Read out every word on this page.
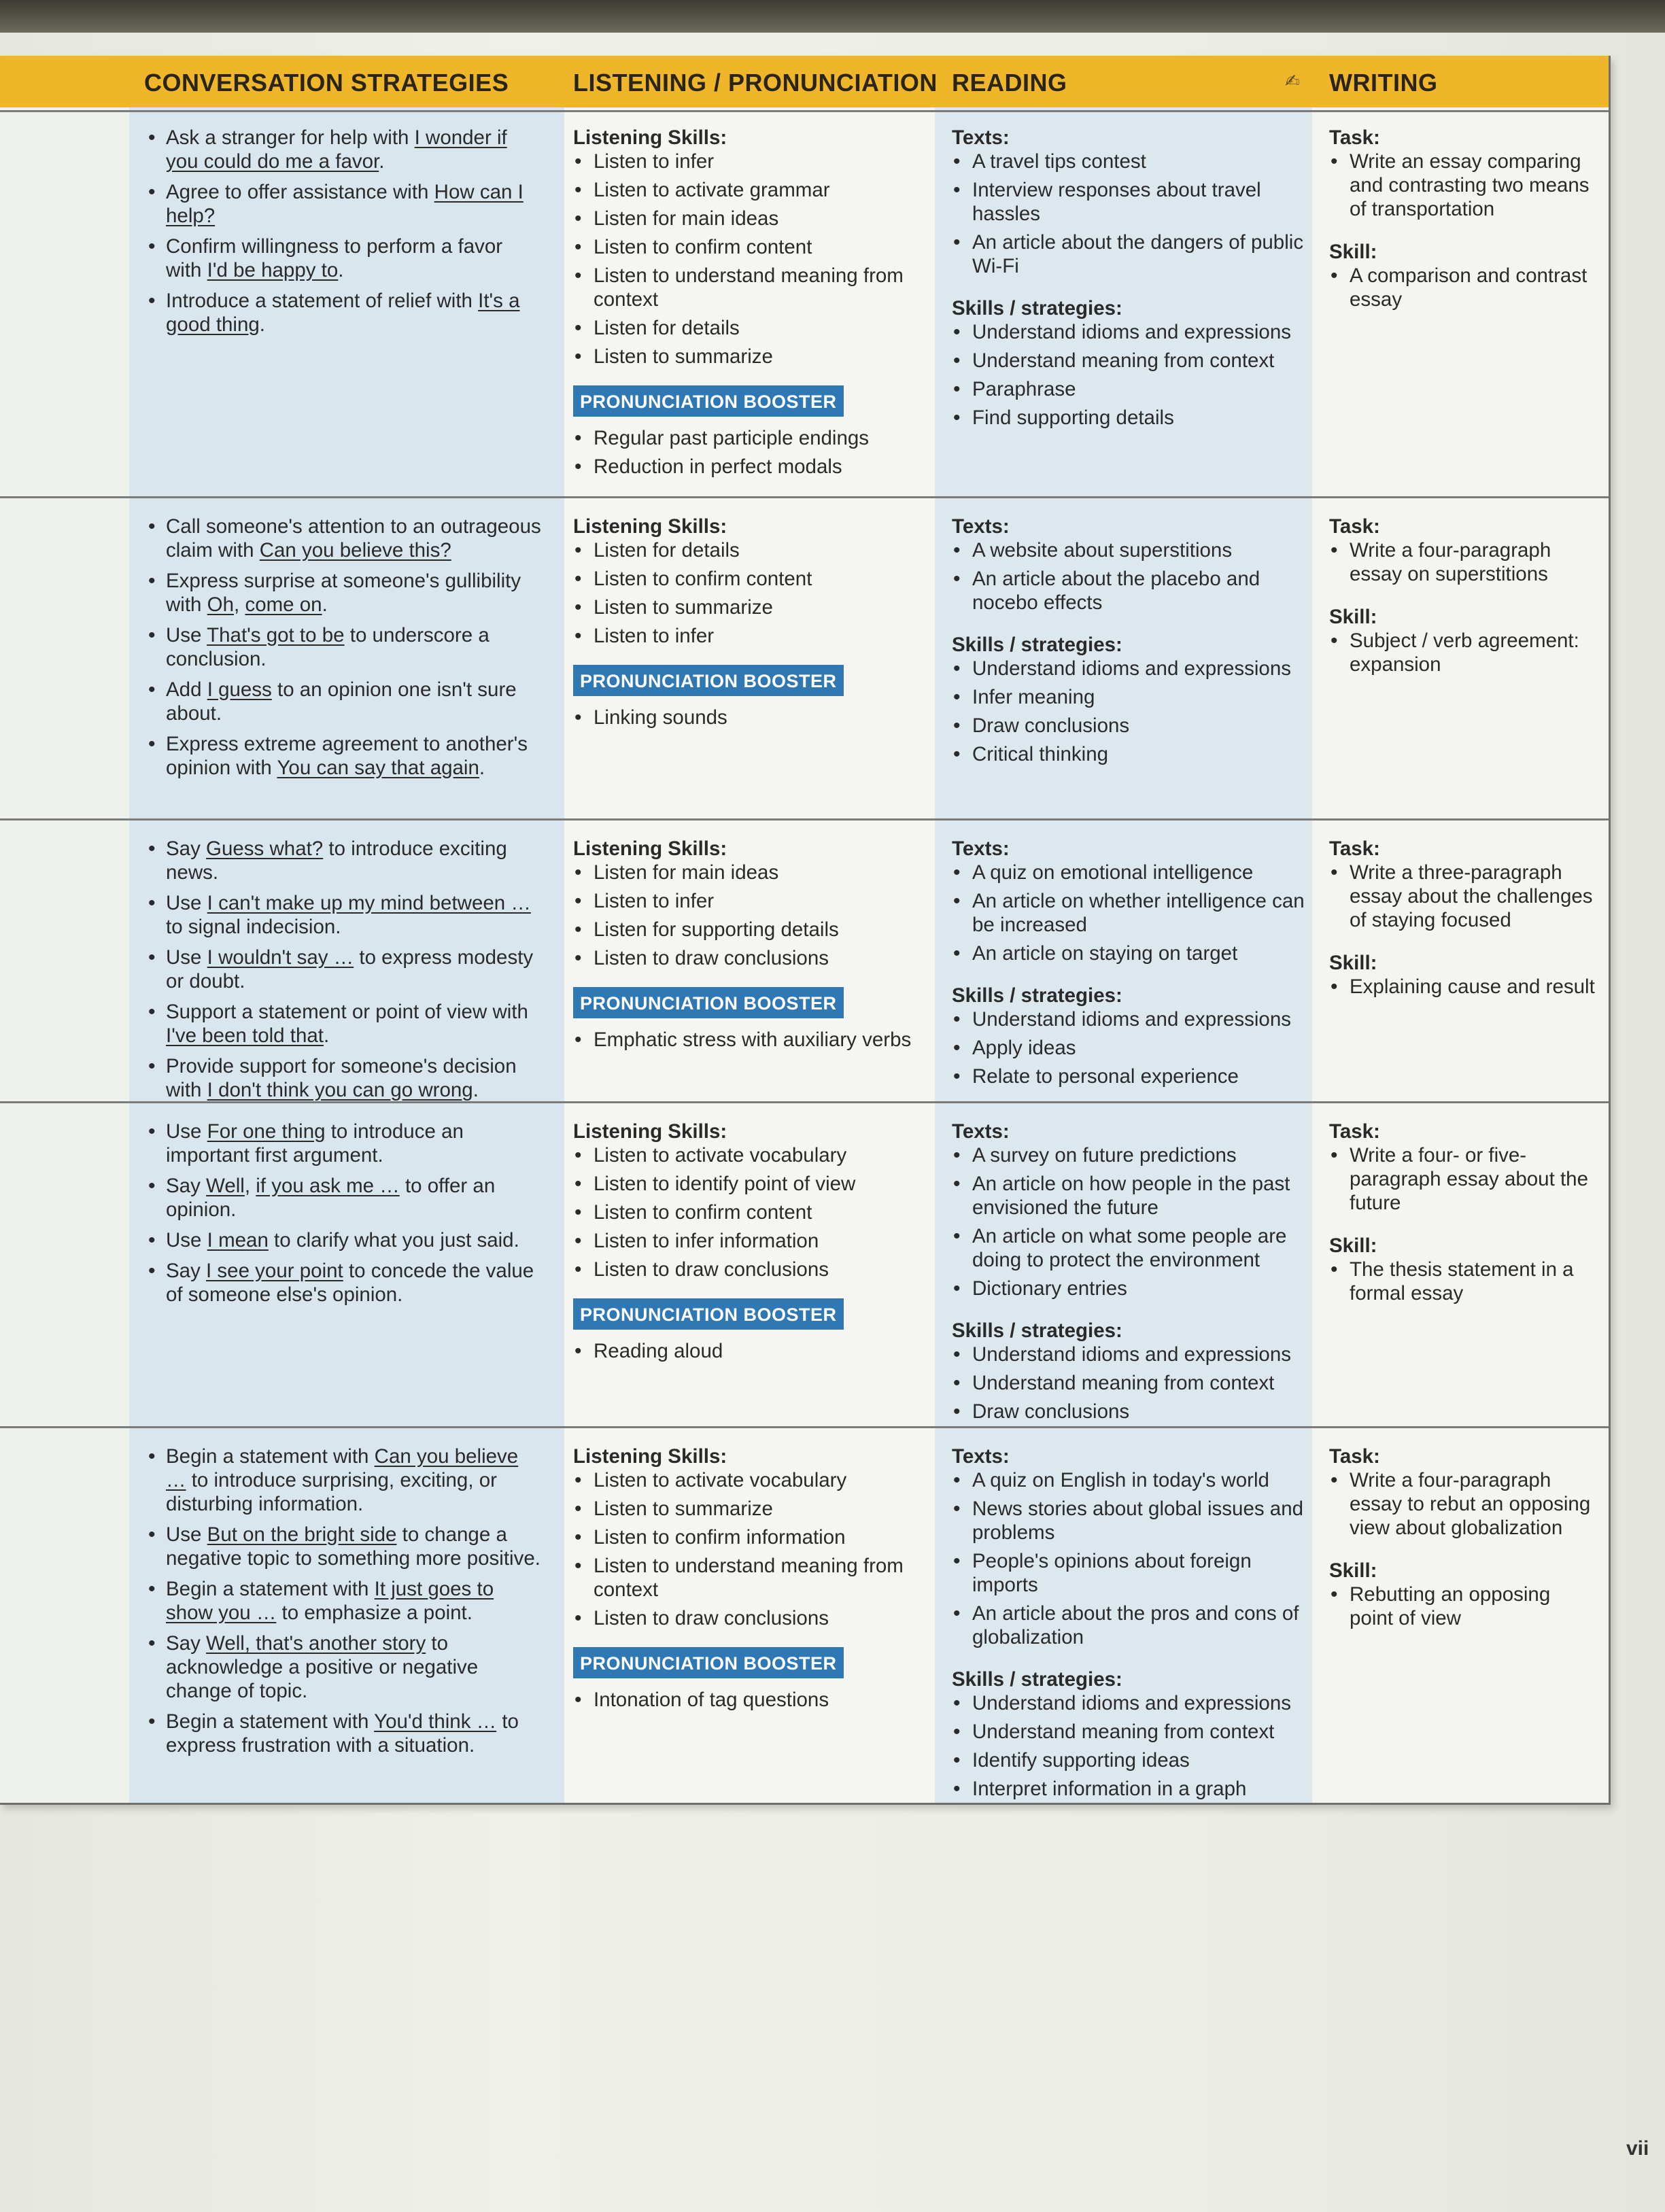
vii
CONVERSATION STRATEGIES	LISTENING / PRONUNCIATION READING	✍ WRITING
• Ask a stranger for help with I wonder if you could do me a favor.
• Agree to offer assistance with How can I help?
• Confirm willingness to perform a favor with I'd be happy to.
• Introduce a statement of relief with It's a good thing.
Listening Skills:
• Listen to infer
• Listen to activate grammar
• Listen for main ideas
• Listen to confirm content
• Listen to understand meaning from context
• Listen for details
• Listen to summarize
PRONUNCIATION BOOSTER
• Regular past participle endings
• Reduction in perfect modals
Texts:
• A travel tips contest
• Interview responses about travel hassles
• An article about the dangers of public Wi-Fi
Skills / strategies:
• Understand idioms and expressions
• Understand meaning from context
• Paraphrase
• Find supporting details
Task:
• Write an essay comparing and contrasting two means of transportation
Skill:
• A comparison and contrast essay
• Call someone's attention to an outrageous claim with Can you believe this?
• Express surprise at someone's gullibility with Oh, come on.
• Use That's got to be to underscore a conclusion.
• Add I guess to an opinion one isn't sure about.
• Express extreme agreement to another's opinion with You can say that again.
Listening Skills:
• Listen for details
• Listen to confirm content
• Listen to summarize
• Listen to infer
PRONUNCIATION BOOSTER
• Linking sounds
Texts:
• A website about superstitions
• An article about the placebo and nocebo effects
Skills / strategies:
• Understand idioms and expressions
• Infer meaning
• Draw conclusions
• Critical thinking
Task:
• Write a four-paragraph essay on superstitions
Skill:
• Subject / verb agreement: expansion
• Say Guess what? to introduce exciting news.
• Use I can't make up my mind between … to signal indecision.
• Use I wouldn't say … to express modesty or doubt.
• Support a statement or point of view with I've been told that.
• Provide support for someone's decision with I don't think you can go wrong.
Listening Skills:
• Listen for main ideas
• Listen to infer
• Listen for supporting details
• Listen to draw conclusions
PRONUNCIATION BOOSTER
• Emphatic stress with auxiliary verbs
Texts:
• A quiz on emotional intelligence
• An article on whether intelligence can be increased
• An article on staying on target
Skills / strategies:
• Understand idioms and expressions
• Apply ideas
• Relate to personal experience
Task:
• Write a three-paragraph essay about the challenges of staying focused
Skill:
• Explaining cause and result
• Use For one thing to introduce an important first argument.
• Say Well, if you ask me … to offer an opinion.
• Use I mean to clarify what you just said.
• Say I see your point to concede the value of someone else's opinion.
Listening Skills:
• Listen to activate vocabulary
• Listen to identify point of view
• Listen to confirm content
• Listen to infer information
• Listen to draw conclusions
PRONUNCIATION BOOSTER
• Reading aloud
Texts:
• A survey on future predictions
• An article on how people in the past envisioned the future
• An article on what some people are doing to protect the environment
• Dictionary entries
Skills / strategies:
• Understand idioms and expressions
• Understand meaning from context
• Draw conclusions
Task:
• Write a four- or five-paragraph essay about the future
Skill:
• The thesis statement in a formal essay
• Begin a statement with Can you believe … to introduce surprising, exciting, or disturbing information.
• Use But on the bright side to change a negative topic to something more positive.
• Begin a statement with It just goes to show you … to emphasize a point.
• Say Well, that's another story to acknowledge a positive or negative change of topic.
• Begin a statement with You'd think … to express frustration with a situation.
Listening Skills:
• Listen to activate vocabulary
• Listen to summarize
• Listen to confirm information
• Listen to understand meaning from context
• Listen to draw conclusions
PRONUNCIATION BOOSTER
• Intonation of tag questions
Texts:
• A quiz on English in today's world
• News stories about global issues and problems
• People's opinions about foreign imports
• An article about the pros and cons of globalization
Skills / strategies:
• Understand idioms and expressions
• Understand meaning from context
• Identify supporting ideas
• Interpret information in a graph
Task:
• Write a four-paragraph essay to rebut an opposing view about globalization
Skill:
• Rebutting an opposing point of view
